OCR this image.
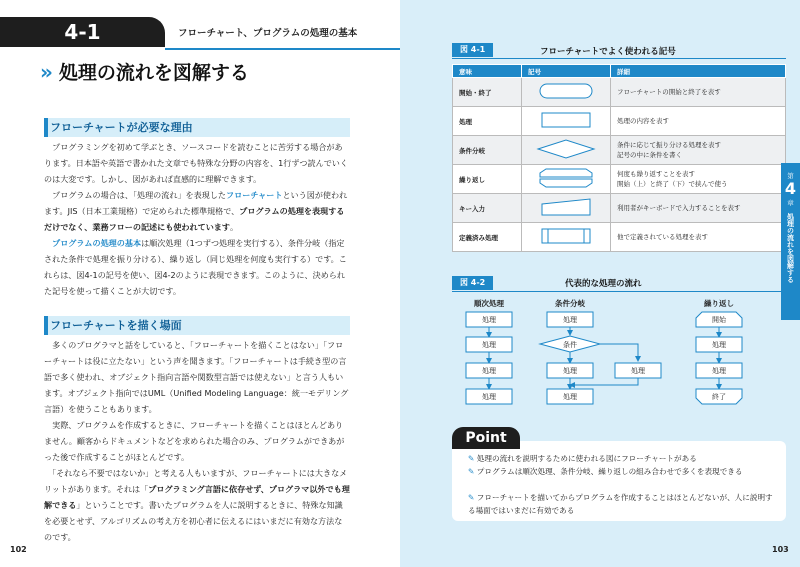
4-1	フローチャート、プログラムの処理の基本
» 処理の流れを図解する
フローチャートが必要な理由

　プログラミングを初めて学ぶとき、ソースコードを読むことに苦労する場合があります。日本語や英語で書かれた文章でも特殊な分野の内容を、1行ずつ読んでいくのは大変です。しかし、図があれば直感的に理解できます。

　プログラムの場合は、「処理の流れ」を表現したフローチャートという図が使われます。JIS（日本工業規格）で定められた標準規格で、プログラムの処理を表現するだけでなく、業務フローの記述にも使われています。

　プログラムの処理の基本は順次処理（1つずつ処理を実行する）、条件分岐（指定された条件で処理を振り分ける）、繰り返し（同じ処理を何度も実行する）です。これらは、図4-1の記号を使い、図4-2のように表現できます。このように、決められた記号を使って描くことが大切です。

フローチャートを描く場面

　多くのプログラマと話をしていると、「フローチャートを描くことはない」「フローチャートは役に立たない」という声を聞きます。「フローチャートは手続き型の言語で多く使われ、オブジェクト指向言語や関数型言語では使えない」と言う人もいます。オブジェクト指向ではUML（Unified Modeling Language：統一モデリング言語）を使うこともあります。

　実際、プログラムを作成するときに、フローチャートを描くことはほとんどありません。顧客からドキュメントなどを求められた場合のみ、プログラムができあがった後で作成することがほとんどです。

　「それなら不要ではないか」と考える人もいますが、フローチャートには大きなメリットがあります。それは「プログラミング言語に依存せず、プログラマ以外でも理解できる」ということです。書いたプログラムを人に説明するときに、特殊な知識を必要とせず、アルゴリズムの考え方を初心者に伝えるにはいまだに有効な方法なのです。

102
図 4-1	フローチャートでよく使われる記号
意味	記号	詳細
開始・終了		フローチャートの開始と終了を表す
処理		処理の内容を表す
条件分岐		条件に応じて振り分ける処理を表す
記号の中に条件を書く
繰り返し		何度も繰り返すことを表す
開始（上）と終了（下）で挟んで使う
キー入力		利用者がキーボードで入力することを表す
定義済み処理		他で定義されている処理を表す
図 4-2	代表的な処理の流れ
順次処理	条件分岐	繰り返し
処理
処理
処理
処理
処理
条件
処理	処理
処理
開始
処理
処理
終了
Point
✎ 処理の流れを説明するために使われる図にフローチャートがある
✎ プログラムは順次処理、条件分岐、繰り返しの組み合わせで多くを表現できる
✎ フローチャートを描いてからプログラムを作成することはほとんどないが、人に説明する場面ではいまだに有効である
第
4
章
処理の流れを図解する
103
